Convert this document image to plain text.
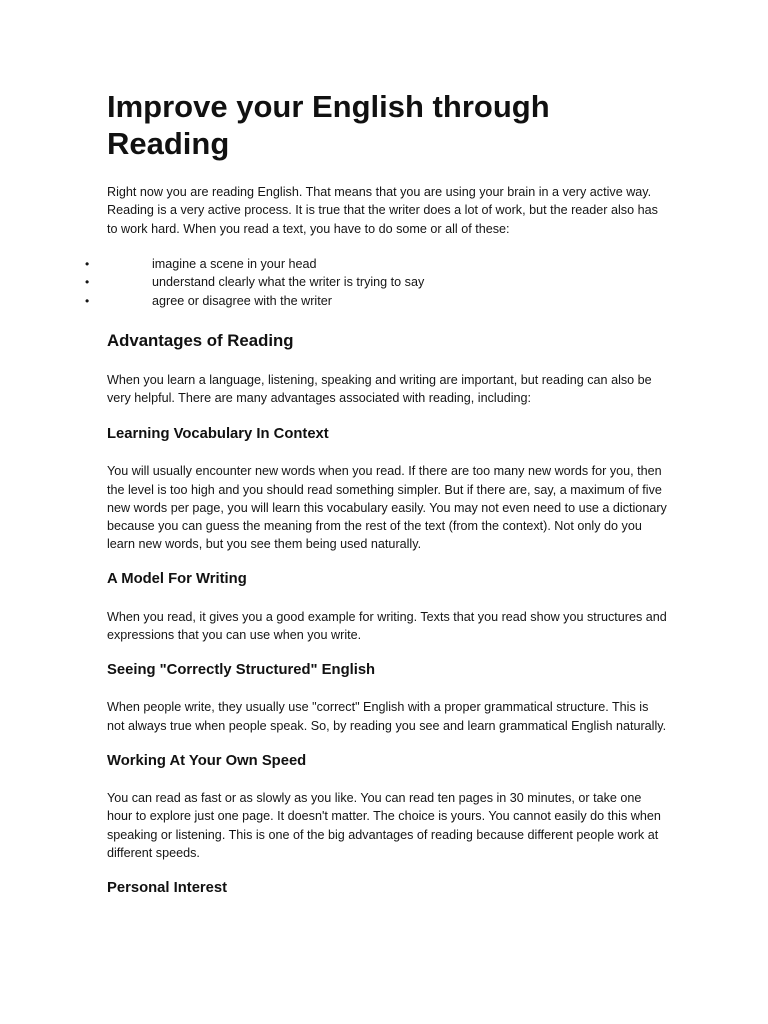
Improve your English through Reading

Right now you are reading English. That means that you are using your brain in a very active way. Reading is a very active process. It is true that the writer does a lot of work, but the reader also has to work hard. When you read a text, you have to do some or all of these:

•	imagine a scene in your head
•	understand clearly what the writer is trying to say
•	agree or disagree with the writer
Advantages of Reading

When you learn a language, listening, speaking and writing are important, but reading can also be very helpful. There are many advantages associated with reading, including:

Learning Vocabulary In Context

You will usually encounter new words when you read. If there are too many new words for you, then the level is too high and you should read something simpler. But if there are, say, a maximum of five new words per page, you will learn this vocabulary easily. You may not even need to use a dictionary because you can guess the meaning from the rest of the text (from the context). Not only do you learn new words, but you see them being used naturally.

A Model For Writing

When you read, it gives you a good example for writing. Texts that you read show you structures and expressions that you can use when you write.

Seeing "Correctly Structured" English

When people write, they usually use "correct" English with a proper grammatical structure. This is not always true when people speak. So, by reading you see and learn grammatical English naturally.

Working At Your Own Speed

You can read as fast or as slowly as you like. You can read ten pages in 30 minutes, or take one hour to explore just one page. It doesn't matter. The choice is yours. You cannot easily do this when speaking or listening. This is one of the big advantages of reading because different people work at different speeds.

Personal Interest
